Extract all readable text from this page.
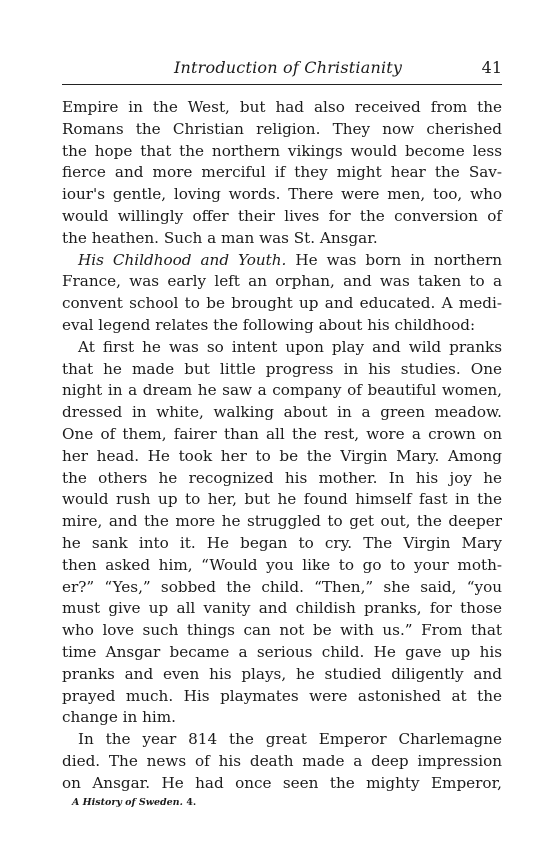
Introduction of Christianity	41
Empire in the West, but had also received from the
Romans the Christian religion. They now cherished
the hope that the northern vikings would become less
fierce and more merciful if they might hear the Sav-
iour's gentle, loving words. There were men, too, who
would willingly offer their lives for the conversion of
the heathen. Such a man was St. Ansgar.
His Childhood and Youth. He was born in northern
France, was early left an orphan, and was taken to a
convent school to be brought up and educated. A medi-
eval legend relates the following about his childhood:
At first he was so intent upon play and wild pranks
that he made but little progress in his studies. One
night in a dream he saw a company of beautiful women,
dressed in white, walking about in a green meadow.
One of them, fairer than all the rest, wore a crown on
her head. He took her to be the Virgin Mary. Among
the others he recognized his mother. In his joy he
would rush up to her, but he found himself fast in the
mire, and the more he struggled to get out, the deeper
he sank into it. He began to cry. The Virgin Mary
then asked him, “Would you like to go to your moth-
er?” “Yes,” sobbed the child. “Then,” she said, “you
must give up all vanity and childish pranks, for those
who love such things can not be with us.” From that
time Ansgar became a serious child. He gave up his
pranks and even his plays, he studied diligently and
prayed much. His playmates were astonished at the
change in him.
In the year 814 the great Emperor Charlemagne
died. The news of his death made a deep impression
on Ansgar. He had once seen the mighty Emperor,
A History of Sweden. 4.
